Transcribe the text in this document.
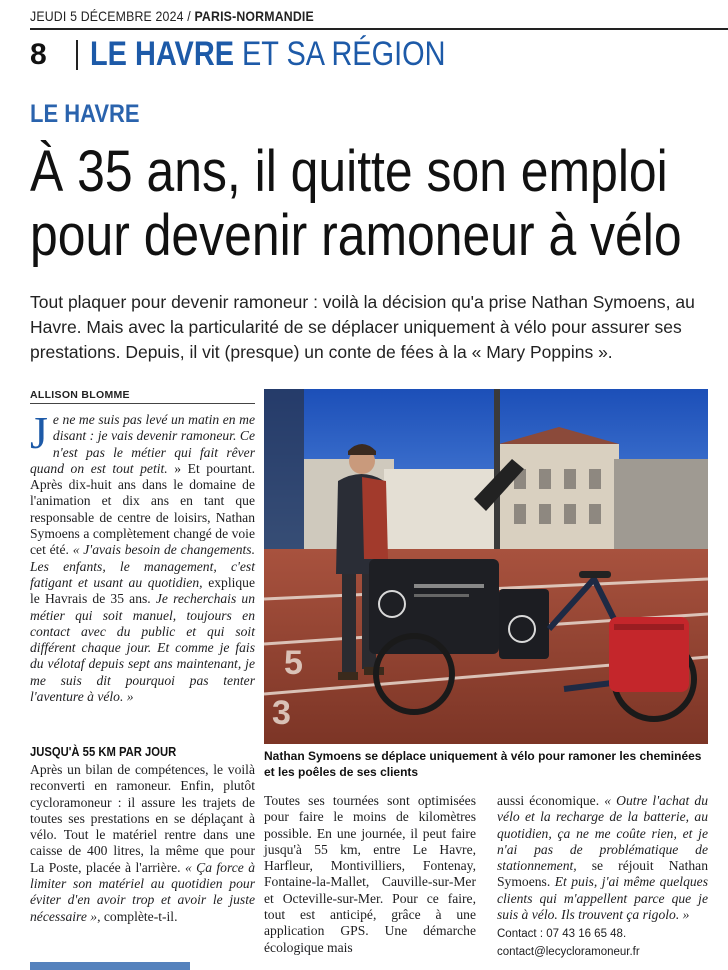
JEUDI 5 DÉCEMBRE 2024 / PARIS-NORMANDIE
8 LE HAVRE ET SA RÉGION
LE HAVRE
À 35 ans, il quitte son emploi
pour devenir ramoneur à vélo
Tout plaquer pour devenir ramoneur : voilà la décision qu'a prise Nathan Symoens, au Havre. Mais avec la particularité de se déplacer uniquement à vélo pour assurer ses prestations. Depuis, il vit (presque) un conte de fées à la « Mary Poppins ».
ALLISON BLOMME
J e ne me suis pas levé un matin en me disant : je vais devenir ramoneur. Ce n'est pas le métier qui fait rêver quand on est tout petit. » Et pourtant. Après dix-huit ans dans le domaine de l'animation et dix ans en tant que responsable de centre de loisirs, Nathan Symoens a complètement changé de voie cet été. « J'avais besoin de changements. Les enfants, le management, c'est fatigant et usant au quotidien, explique le Havrais de 35 ans. Je recherchais un métier qui soit manuel, toujours en contact avec du public et qui soit différent chaque jour. Et comme je fais du vélotaf depuis sept ans maintenant, je me suis dit pourquoi pas tenter l'aventure à vélo. »
JUSQU'À 55 KM PAR JOUR
Après un bilan de compétences, le voilà reconverti en ramoneur. Enfin, plutôt cycloramoneur : il assure les trajets de toutes ses prestations en se déplaçant à vélo. Tout le matériel rentre dans une caisse de 400 litres, la même que pour La Poste, placée à l'arrière. « Ça force à limiter son matériel au quotidien pour éviter d'en avoir trop et avoir le juste nécessaire », complète-t-il.
5
3
Nathan Symoens se déplace uniquement à vélo pour ramoner les cheminées et les poêles de ses clients
Toutes ses tournées sont optimisées pour faire le moins de kilomètres possible. En une journée, il peut faire jusqu'à 55 km, entre Le Havre, Harfleur, Montivilliers, Fontenay, Fontaine-la-Mallet, Cauville-sur-Mer et Octeville-sur-Mer. Pour ce faire, tout est anticipé, grâce à une application GPS. Une démarche écologique mais
aussi économique. « Outre l'achat du vélo et la recharge de la batterie, au quotidien, ça ne me coûte rien, et je n'ai pas de problématique de stationnement, se réjouit Nathan Symoens. Et puis, j'ai même quelques clients qui m'appellent parce que je suis à vélo. Ils trouvent ça rigolo. »
Contact : 07 43 16 65 48.
contact@lecycloramoneur.fr
